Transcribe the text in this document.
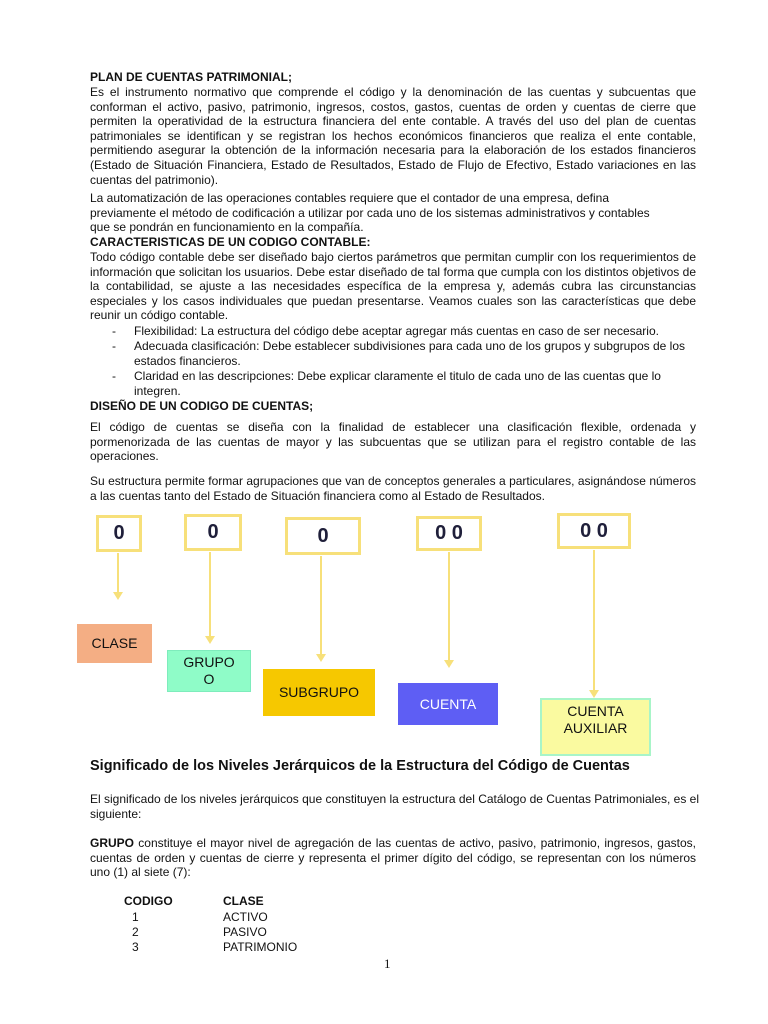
PLAN DE CUENTAS PATRIMONIAL;
Es el instrumento normativo que comprende el código y la denominación de las cuentas y subcuentas que conforman el activo, pasivo, patrimonio, ingresos, costos, gastos, cuentas de orden y cuentas de cierre que permiten la operatividad de la estructura financiera del ente contable. A través del uso del plan de cuentas patrimoniales se identifican y se registran los hechos económicos financieros que realiza el ente contable, permitiendo asegurar la obtención de la información necesaria para la elaboración de los estados financieros (Estado de Situación Financiera, Estado de Resultados, Estado de Flujo de Efectivo, Estado variaciones en las cuentas del patrimonio).
La automatización de las operaciones contables requiere que el contador de una empresa, defina previamente el método de codificación a utilizar por cada uno de los sistemas administrativos y contables que se pondrán en funcionamiento en la compañía.
CARACTERISTICAS DE UN CODIGO CONTABLE:
Todo código contable debe ser diseñado bajo ciertos parámetros que permitan cumplir con los requerimientos de información que solicitan los usuarios. Debe estar diseñado de tal forma que cumpla con los distintos objetivos de la contabilidad, se ajuste a las necesidades específica de la empresa y, además cubra las circunstancias especiales y los casos individuales que puedan presentarse. Veamos cuales son las características que debe reunir un código contable.
- Flexibilidad: La estructura del código debe aceptar agregar más cuentas en caso de ser necesario.
- Adecuada clasificación: Debe establecer subdivisiones para cada uno de los grupos y subgrupos de los estados financieros.
- Claridad en las descripciones: Debe explicar claramente el titulo de cada uno de las cuentas que lo integren.
DISEÑO DE UN CODIGO DE CUENTAS;
El código de cuentas se diseña con la finalidad de establecer una clasificación flexible, ordenada y pormenorizada de las cuentas de mayor y las subcuentas que se utilizan para el registro contable de las operaciones.
Su estructura permite formar agrupaciones que van de conceptos generales a particulares, asignándose números a las cuentas tanto del Estado de Situación financiera como al Estado de Resultados.
0	0	0	0 0	0 0
CLASE
GRUPO
O
SUBGRUPO
CUENTA	CUENTA
AUXILIAR
Significado de los Niveles Jerárquicos de la Estructura del Código de Cuentas
El significado de los niveles jerárquicos que constituyen la estructura del Catálogo de Cuentas Patrimoniales, es el siguiente:
GRUPO constituye el mayor nivel de agregación de las cuentas de activo, pasivo, patrimonio, ingresos, gastos, cuentas de orden y cuentas de cierre y representa el primer dígito del código, se representan con los números uno (1) al siete (7):
CODIGO	CLASE
1	ACTIVO
2	PASIVO
3	PATRIMONIO
1
